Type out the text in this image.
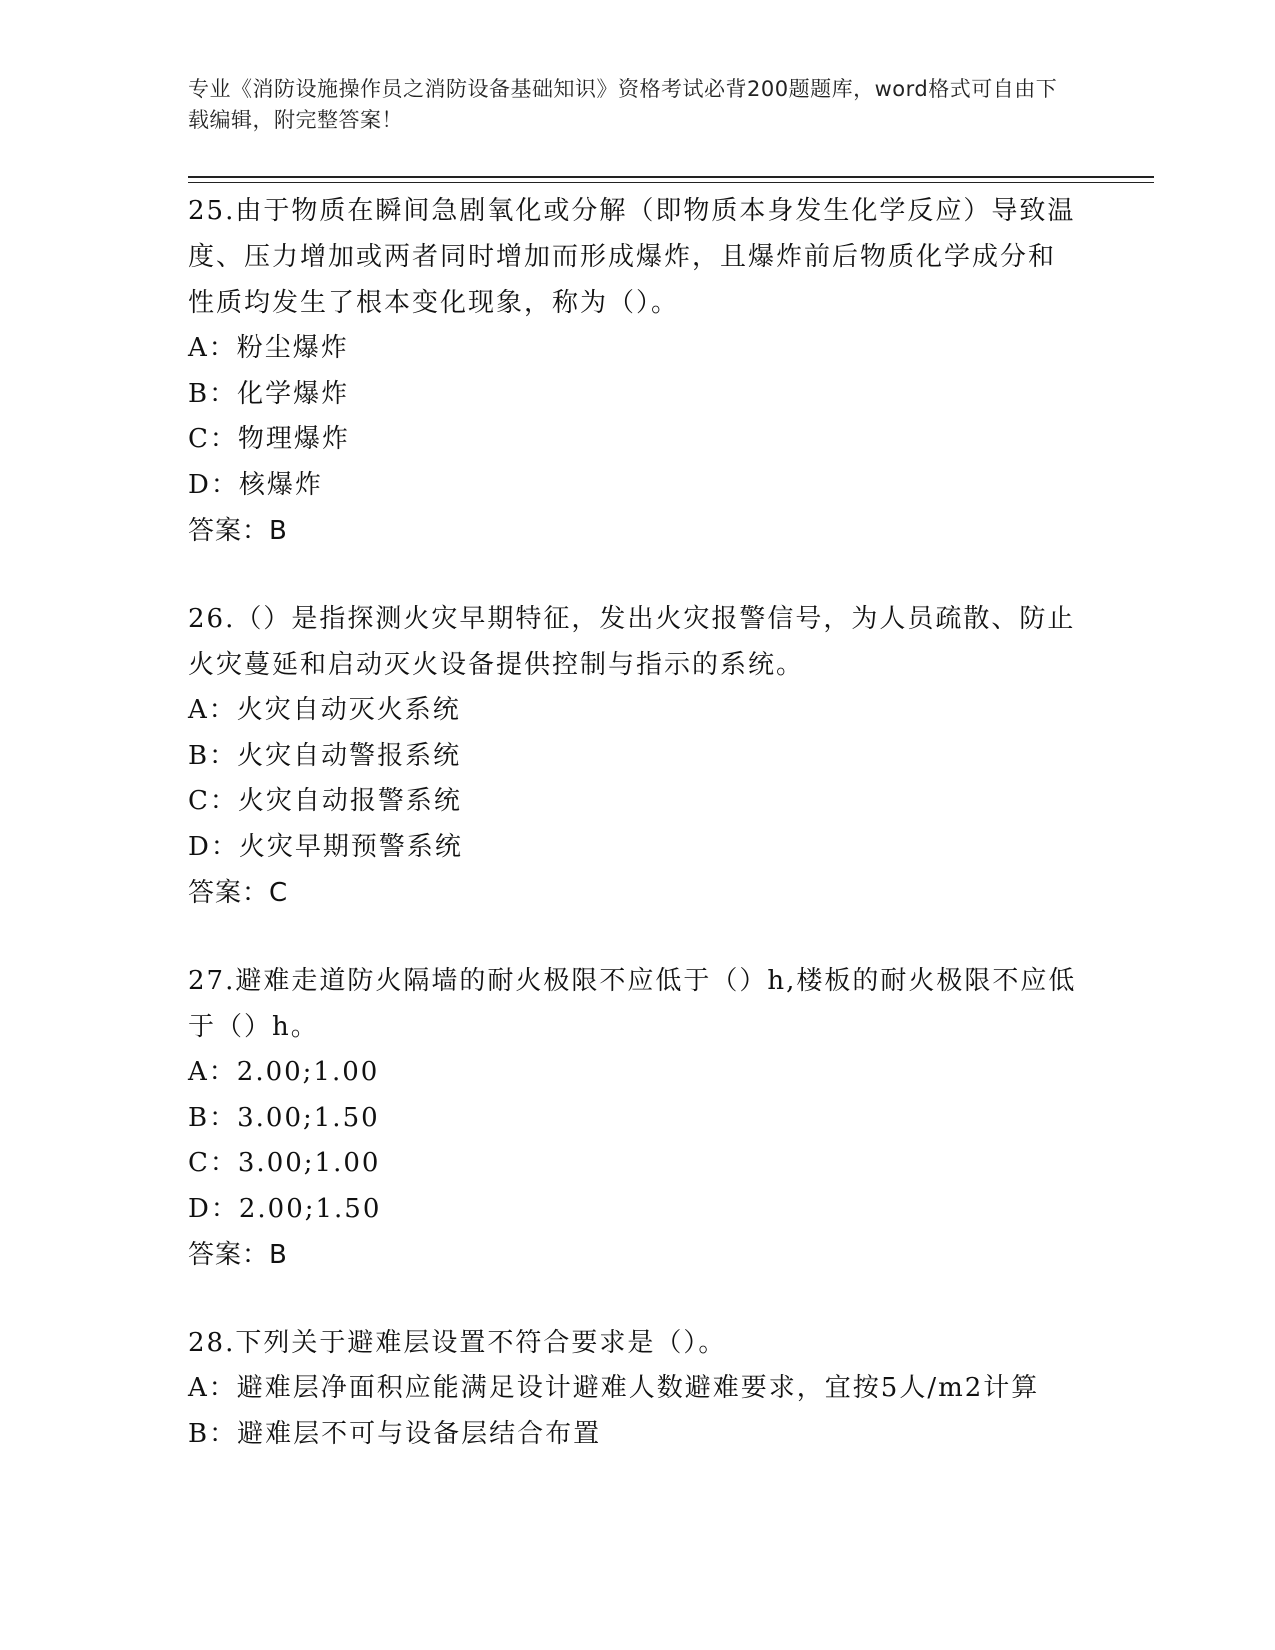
专业《消防设施操作员之消防设备基础知识》资格考试必背200题题库，word格式可自由下载编辑，附完整答案！

25.由于物质在瞬间急剧氧化或分解（即物质本身发生化学反应）导致温度、压力增加或两者同时增加而形成爆炸，且爆炸前后物质化学成分和性质均发生了根本变化现象，称为（）。

A：粉尘爆炸

B：化学爆炸

C：物理爆炸

D：核爆炸

答案：B

26.（）是指探测火灾早期特征，发出火灾报警信号，为人员疏散、防止火灾蔓延和启动灭火设备提供控制与指示的系统。

A：火灾自动灭火系统

B：火灾自动警报系统

C：火灾自动报警系统

D：火灾早期预警系统

答案：C

27.避难走道防火隔墙的耐火极限不应低于（）h,楼板的耐火极限不应低于（）h。

A：2.00;1.00

B：3.00;1.50

C：3.00;1.00

D：2.00;1.50

答案：B

28.下列关于避难层设置不符合要求是（）。

A：避难层净面积应能满足设计避难人数避难要求，宜按5人/m2计算

B：避难层不可与设备层结合布置
